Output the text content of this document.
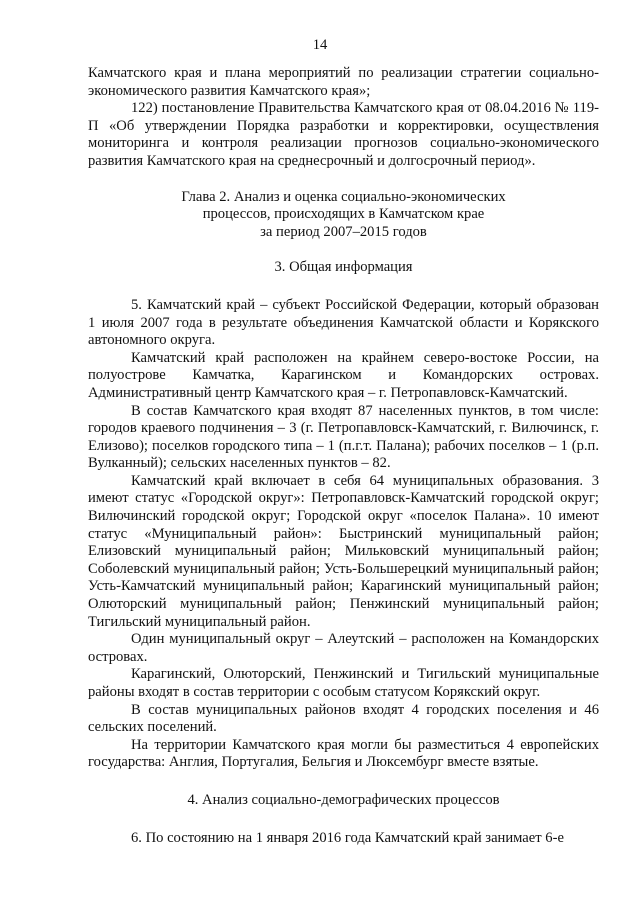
14

Камчатского края и плана мероприятий по реализации стратегии социально-экономического развития Камчатского края»;

122) постановление Правительства Камчатского края от 08.04.2016 № 119-П «Об утверждении Порядка разработки и корректировки, осуществления мониторинга и контроля реализации прогнозов социально-экономического развития Камчатского края на среднесрочный и долгосрочный период».

Глава 2. Анализ и оценка социально-экономических

процессов, происходящих в Камчатском крае

за период 2007–2015 годов

3. Общая информация

5. Камчатский край – субъект Российской Федерации, который образован 1 июля 2007 года в результате объединения Камчатской области и Корякского автономного округа.

Камчатский край расположен на крайнем северо-востоке России, на полуострове Камчатка, Карагинском и Командорских островах. Административный центр Камчатского края – г. Петропавловск-Камчатский.

В состав Камчатского края входят 87 населенных пунктов, в том числе: городов краевого подчинения – 3 (г. Петропавловск-Камчатский, г. Вилючинск, г. Елизово); поселков городского типа – 1 (п.г.т. Палана); рабочих поселков – 1 (р.п. Вулканный); сельских населенных пунктов – 82.

Камчатский край включает в себя 64 муниципальных образования. 3 имеют статус «Городской округ»: Петропавловск-Камчатский городской округ; Вилючинский городской округ; Городской округ «поселок Палана». 10 имеют статус «Муниципальный район»: Быстринский муниципальный район; Елизовский муниципальный район; Мильковский муниципальный район; Соболевский муниципальный район; Усть-Большерецкий муниципальный район; Усть-Камчатский муниципальный район; Карагинский муниципальный район; Олюторский муниципальный район; Пенжинский муниципальный район; Тигильский муниципальный район.

Один муниципальный округ – Алеутский – расположен на Командорских островах.

Карагинский, Олюторский, Пенжинский и Тигильский муниципальные районы входят в состав территории с особым статусом Корякский округ.

В состав муниципальных районов входят 4 городских поселения и 46 сельских поселений.

На территории Камчатского края могли бы разместиться 4 европейских государства: Англия, Португалия, Бельгия и Люксембург вместе взятые.

4. Анализ социально-демографических процессов

6. По состоянию на 1 января 2016 года Камчатский край занимает 6-е
